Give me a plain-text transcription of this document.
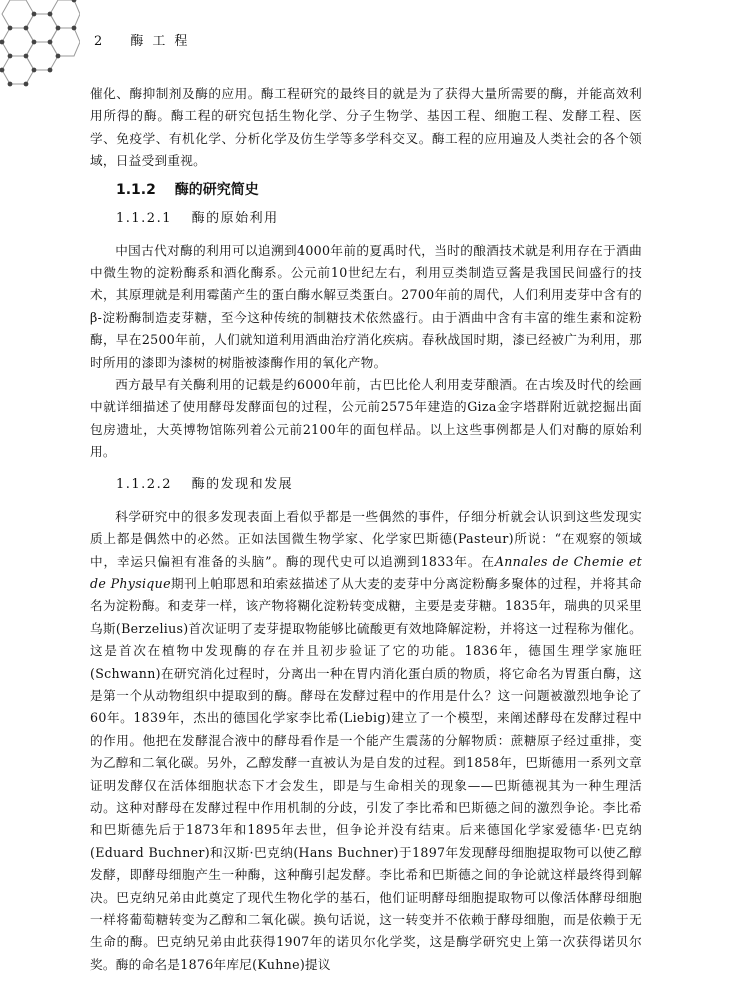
2 酶工程

催化、酶抑制剂及酶的应用。酶工程研究的最终目的就是为了获得大量所需要的酶，并能高效利用所得的酶。酶工程的研究包括生物化学、分子生物学、基因工程、细胞工程、发酵工程、医学、免疫学、有机化学、分析化学及仿生学等多学科交叉。酶工程的应用遍及人类社会的各个领域，日益受到重视。

1.1.2 酶的研究简史
1.1.2.1 酶的原始利用

中国古代对酶的利用可以追溯到4000年前的夏禹时代，当时的酿酒技术就是利用存在于酒曲中微生物的淀粉酶系和酒化酶系。公元前10世纪左右，利用豆类制造豆酱是我国民间盛行的技术，其原理就是利用霉菌产生的蛋白酶水解豆类蛋白。2700年前的周代，人们利用麦芽中含有的β-淀粉酶制造麦芽糖，至今这种传统的制糖技术依然盛行。由于酒曲中含有丰富的维生素和淀粉酶，早在2500年前，人们就知道利用酒曲治疗消化疾病。春秋战国时期，漆已经被广为利用，那时所用的漆即为漆树的树脂被漆酶作用的氧化产物。

西方最早有关酶利用的记载是约6000年前，古巴比伦人利用麦芽酿酒。在古埃及时代的绘画中就详细描述了使用酵母发酵面包的过程，公元前2575年建造的Giza金字塔群附近就挖掘出面包房遗址，大英博物馆陈列着公元前2100年的面包样品。以上这些事例都是人们对酶的原始利用。

1.1.2.2 酶的发现和发展

科学研究中的很多发现表面上看似乎都是一些偶然的事件，仔细分析就会认识到这些发现实质上都是偶然中的必然。正如法国微生物学家、化学家巴斯德(Pasteur)所说：“在观察的领域中，幸运只偏袒有准备的头脑”。酶的现代史可以追溯到1833年。在Annales de Chemie et de Physique期刊上帕耶恩和珀索兹描述了从大麦的麦芽中分离淀粉酶多聚体的过程，并将其命名为淀粉酶。和麦芽一样，该产物将糊化淀粉转变成糖，主要是麦芽糖。1835年，瑞典的贝采里乌斯(Berzelius)首次证明了麦芽提取物能够比硫酸更有效地降解淀粉，并将这一过程称为催化。这是首次在植物中发现酶的存在并且初步验证了它的功能。1836年，德国生理学家施旺(Schwann)在研究消化过程时，分离出一种在胃内消化蛋白质的物质，将它命名为胃蛋白酶，这是第一个从动物组织中提取到的酶。酵母在发酵过程中的作用是什么？这一问题被激烈地争论了60年。1839年，杰出的德国化学家李比希(Liebig)建立了一个模型，来阐述酵母在发酵过程中的作用。他把在发酵混合液中的酵母看作是一个能产生震荡的分解物质：蔗糖原子经过重排，变为乙醇和二氧化碳。另外，乙醇发酵一直被认为是自发的过程。到1858年，巴斯德用一系列文章证明发酵仅在活体细胞状态下才会发生，即是与生命相关的现象——巴斯德视其为一种生理活动。这种对酵母在发酵过程中作用机制的分歧，引发了李比希和巴斯德之间的激烈争论。李比希和巴斯德先后于1873年和1895年去世，但争论并没有结束。后来德国化学家爱德华·巴克纳(Eduard Buchner)和汉斯·巴克纳(Hans Buchner)于1897年发现酵母细胞提取物可以使乙醇发酵，即酵母细胞产生一种酶，这种酶引起发酵。李比希和巴斯德之间的争论就这样最终得到解决。巴克纳兄弟由此奠定了现代生物化学的基石，他们证明酵母细胞提取物可以像活体酵母细胞一样将葡萄糖转变为乙醇和二氧化碳。换句话说，这一转变并不依赖于酵母细胞，而是依赖于无生命的酶。巴克纳兄弟由此获得1907年的诺贝尔化学奖，这是酶学研究史上第一次获得诺贝尔奖。酶的命名是1876年库尼(Kuhne)提议
